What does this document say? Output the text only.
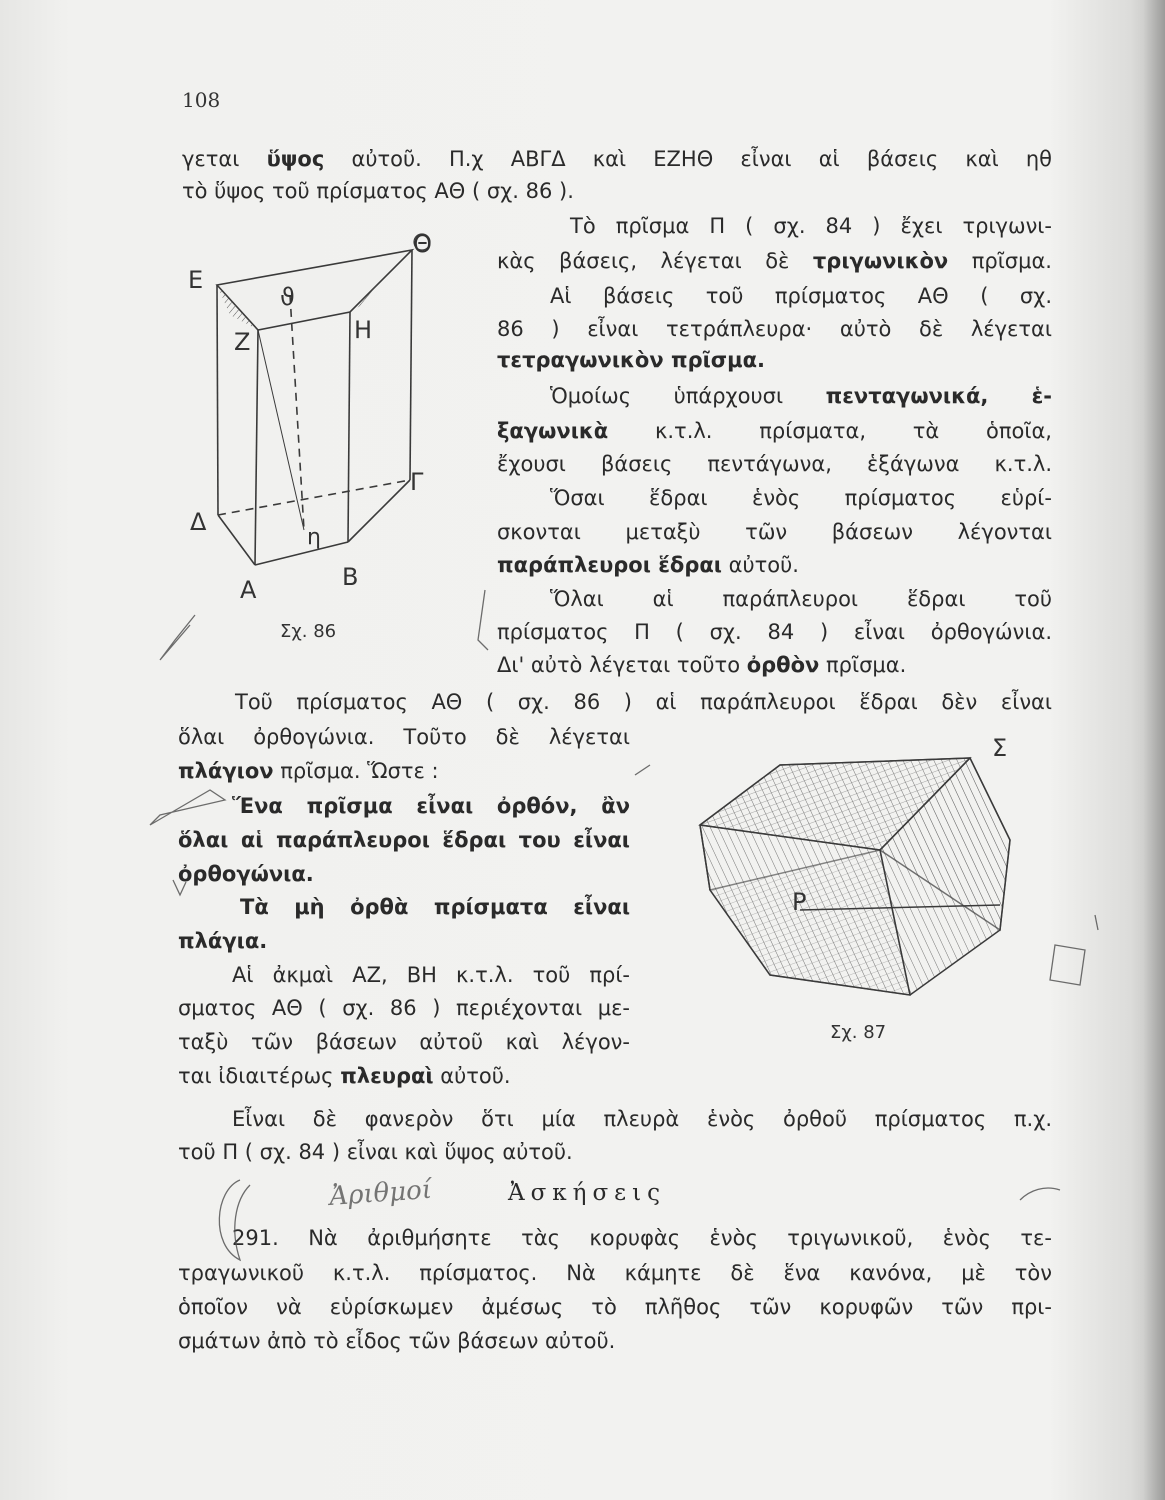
108
γεται ὕψος αὐτοῦ. Π.χ ΑΒΓΔ καὶ ΕΖΗΘ εἶναι αἱ βάσεις καὶ ηθ
τὸ ὕψος τοῦ πρίσματος ΑΘ ( σχ. 86 ).
Τὸ πρῖσμα Π ( σχ. 84 ) ἔχει τριγωνι-
κὰς βάσεις, λέγεται δὲ τριγωνικὸν πρῖσμα.
Αἱ βάσεις τοῦ πρίσματος ΑΘ ( σχ.
86 ) εἶναι τετράπλευρα· αὐτὸ δὲ λέγεται
τετραγωνικὸν πρῖσμα.
Ὁμοίως ὑπάρχουσι πενταγωνικά, ἑ-
ξαγωνικὰ κ.τ.λ. πρίσματα, τὰ ὁποῖα,
ἔχουσι βάσεις πεντάγωνα, ἑξάγωνα κ.τ.λ.
Ὅσαι ἕδραι ἑνὸς πρίσματος εὑρί-
σκονται μεταξὺ τῶν βάσεων λέγονται
παράπλευροι ἕδραι αὐτοῦ.
Ὅλαι αἱ παράπλευροι ἕδραι τοῦ
πρίσματος Π ( σχ. 84 ) εἶναι ὀρθογώνια.
Δι' αὐτὸ λέγεται τοῦτο ὀρθὸν πρῖσμα.
Τοῦ πρίσματος ΑΘ ( σχ. 86 ) αἱ παράπλευροι ἕδραι δὲν εἶναι
ὅλαι ὀρθογώνια. Τοῦτο δὲ λέγεται
πλάγιον πρῖσμα. Ὥστε :
Ἕνα πρῖσμα εἶναι ὀρθόν, ἂν
ὅλαι αἱ παράπλευροι ἕδραι του εἶναι
ὀρθογώνια.
Τὰ μὴ ὀρθὰ πρίσματα εἶναι
πλάγια.
Αἱ ἀκμαὶ ΑΖ, ΒΗ κ.τ.λ. τοῦ πρί-
σματος ΑΘ ( σχ. 86 ) περιέχονται με-
ταξὺ τῶν βάσεων αὐτοῦ καὶ λέγον-
ται ἰδιαιτέρως πλευραὶ αὐτοῦ.
Εἶναι δὲ φανερὸν ὅτι μία πλευρὰ ἑνὸς ὀρθοῦ πρίσματος π.χ.
τοῦ Π ( σχ. 84 ) εἶναι καὶ ὕψος αὐτοῦ.
Ἀσκήσεις
291. Νὰ ἀριθμήσητε τὰς κορυφὰς ἑνὸς τριγωνικοῦ, ἑνὸς τε-
τραγωνικοῦ κ.τ.λ. πρίσματος. Νὰ κάμητε δὲ ἕνα κανόνα, μὲ τὸν
ὁποῖον νὰ εὑρίσκωμεν ἀμέσως τὸ πλῆθος τῶν κορυφῶν τῶν πρι-
σμάτων ἀπὸ τὸ εἶδος τῶν βάσεων αὐτοῦ.
Ε
Ζ
Θ
Η
Δ
Γ
Α	Β
ϑ
η
Σχ. 86
Σ
P
Σχ. 87
Ἀριθμοί
